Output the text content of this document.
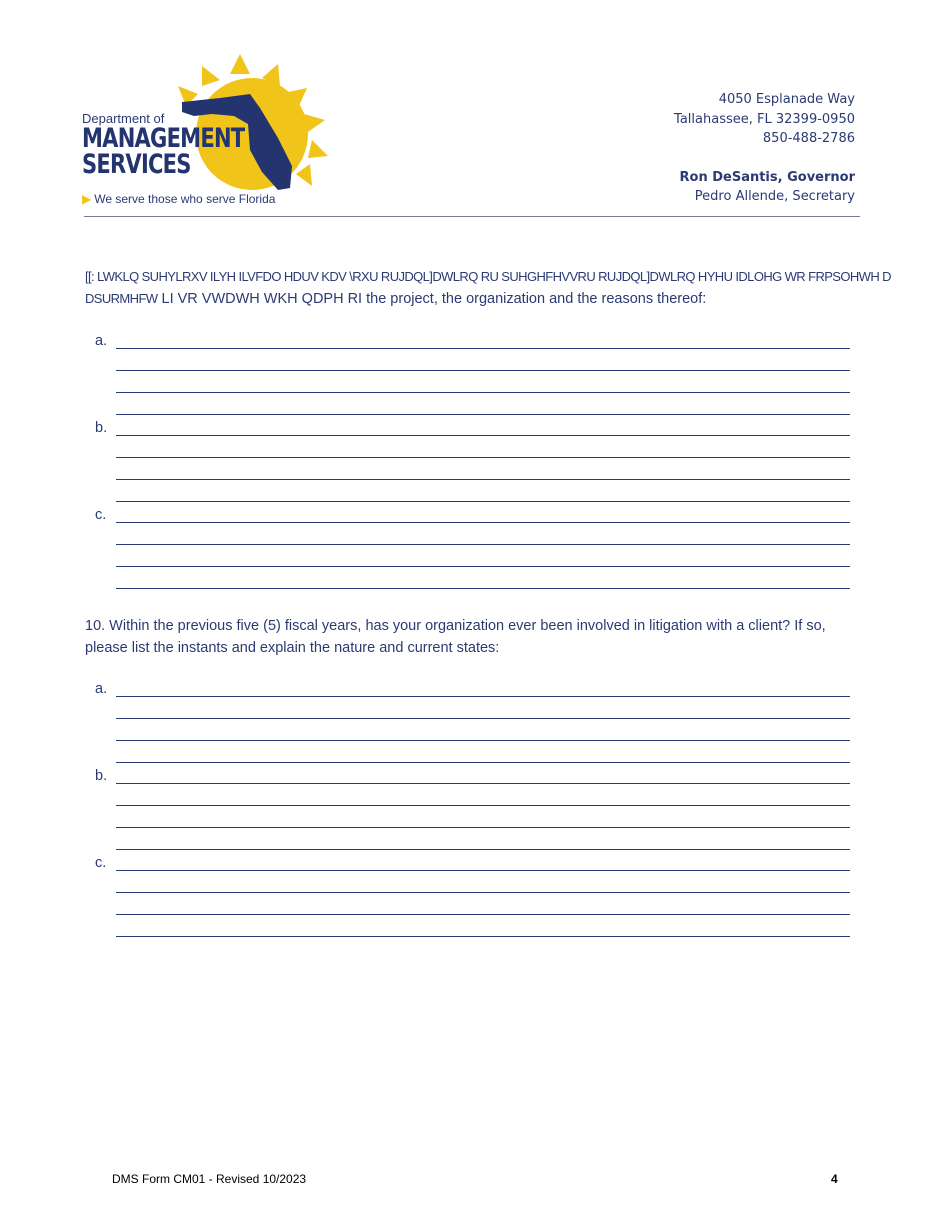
Department of
MANAGEMENT
SERVICES
▶ We serve those who serve Florida
4050 Esplanade Way
Tallahassee, FL 32399-0950
850-488-2786
Ron DeSantis, Governor
Pedro Allende, Secretary
[[: LWKLQ SUHYLRXV ILYH ILVFDO HDUV KDV \RXU RUJDQL]DWLRQ RU SUHGHFHVVRU RUJDQL]DWLRQ HYHU IDLOHG WR FRPSOHWH D
DSURMHFW LI VR VWDWH WKH QDPH RI the project, the organization and the reasons thereof:
a.
b.
c.
10. Within the previous five (5) fiscal years, has your organization ever been involved in litigation with a client? If so, please list the instants and explain the nature and current states:
a.
b.
c.
DMS Form CM01 - Revised 10/2023	4
